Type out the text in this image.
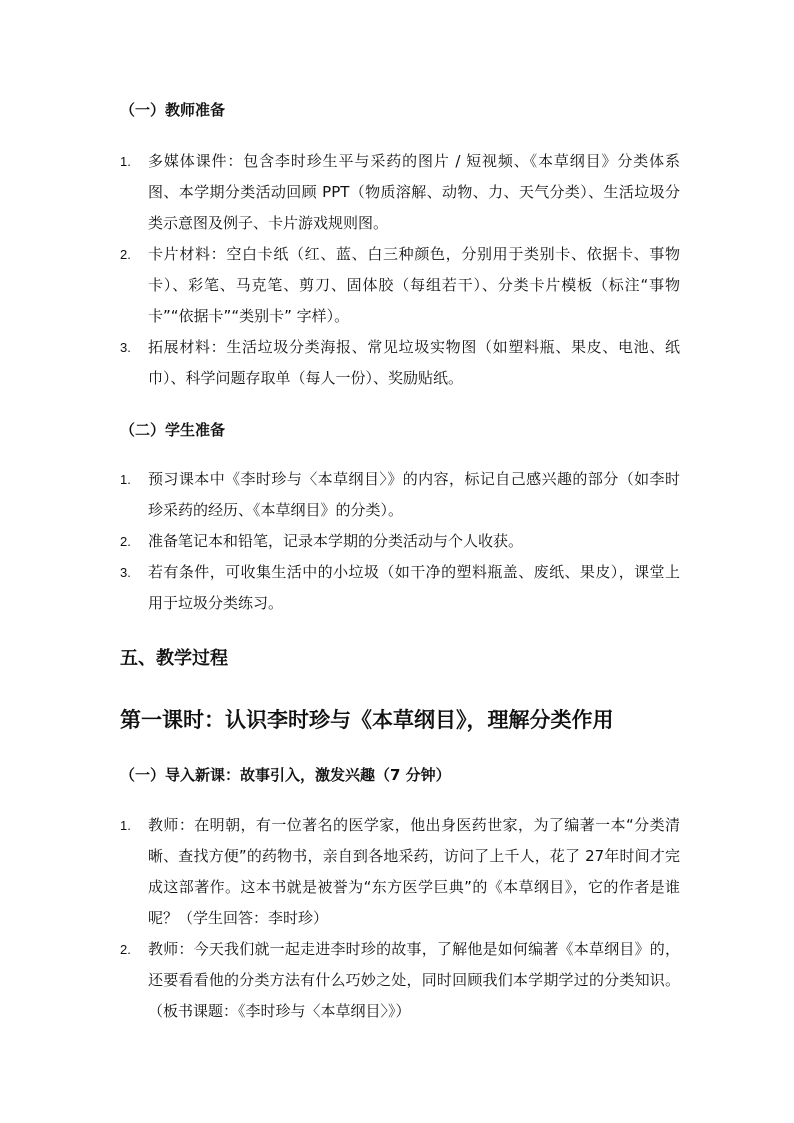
（一）教师准备
1. 多媒体课件：包含李时珍生平与采药的图片 / 短视频、《本草纲目》分类体系图、本学期分类活动回顾 PPT（物质溶解、动物、力、天气分类）、生活垃圾分类示意图及例子、卡片游戏规则图。
2. 卡片材料：空白卡纸（红、蓝、白三种颜色，分别用于类别卡、依据卡、事物卡）、彩笔、马克笔、剪刀、固体胶（每组若干）、分类卡片模板（标注“事物卡”“依据卡”“类别卡” 字样）。
3. 拓展材料：生活垃圾分类海报、常见垃圾实物图（如塑料瓶、果皮、电池、纸巾）、科学问题存取单（每人一份）、奖励贴纸。
（二）学生准备
1. 预习课本中《李时珍与〈本草纲目〉》的内容，标记自己感兴趣的部分（如李时珍采药的经历、《本草纲目》的分类）。
2. 准备笔记本和铅笔，记录本学期的分类活动与个人收获。
3. 若有条件，可收集生活中的小垃圾（如干净的塑料瓶盖、废纸、果皮），课堂上用于垃圾分类练习。
五、教学过程
第一课时：认识李时珍与《本草纲目》，理解分类作用
（一）导入新课：故事引入，激发兴趣（7 分钟）
1. 教师：在明朝，有一位著名的医学家，他出身医药世家，为了编著一本“分类清晰、查找方便”的药物书，亲自到各地采药，访问了上千人，花了 27年时间才完成这部著作。这本书就是被誉为“东方医学巨典”的《本草纲目》，它的作者是谁呢？（学生回答：李时珍）
2. 教师：今天我们就一起走进李时珍的故事，了解他是如何编著《本草纲目》的，还要看看他的分类方法有什么巧妙之处，同时回顾我们本学期学过的分类知识。（板书课题：《李时珍与〈本草纲目〉》）
